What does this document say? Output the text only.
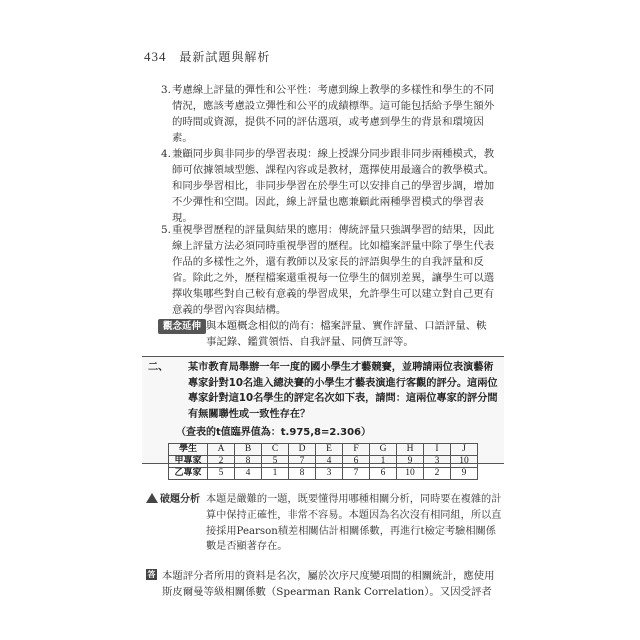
434 最新試題與解析
3. 考慮線上評量的彈性和公平性：考慮到線上教學的多樣性和學生的不同情況，應該考慮設立彈性和公平的成績標準。這可能包括給予學生額外的時間或資源，提供不同的評估選項，或考慮到學生的背景和環境因素。
4. 兼顧同步與非同步的學習表現：線上授課分同步跟非同步兩種模式，教師可依據領域型態、課程內容或是教材，選擇使用最適合的教學模式。和同步學習相比，非同步學習在於學生可以安排自己的學習步調，增加不少彈性和空間。因此，線上評量也應兼顧此兩種學習模式的學習表現。
5. 重視學習歷程的評量與結果的應用：傳統評量只強調學習的結果，因此線上評量方法必須同時重視學習的歷程。比如檔案評量中除了學生代表作品的多樣性之外，還有教師以及家長的評語與學生的自我評量和反省。除此之外，歷程檔案還重視每一位學生的個別差異，讓學生可以選擇收集哪些對自己較有意義的學習成果，允許學生可以建立對自己更有意義的學習內容與結構。
觀念延伸 與本題概念相似的尚有：檔案評量、實作評量、口語評量、軼事記錄、鑑賞領悟、自我評量、同儕互評等。
二、 某市教育局舉辦一年一度的國小學生才藝競賽，並聘請兩位表演藝術專家針對10名進入總決賽的小學生才藝表演進行客觀的評分。這兩位專家針對這10名學生的評定名次如下表，請問：這兩位專家的評分間有無關聯性或一致性存在？
（查表的t值臨界值為：t.975,8=2.306）
學生	A	B	C	D	E	F	G	H	I	J
甲專家	2	8	5	7	4	6	1	9	3	10
乙專家	5	4	1	8	3	7	6	10	2	9
破題分析 本題是嚴難的一題，既要懂得用哪種相關分析，同時要在複雜的計算中保持正確性，非常不容易。本題因為名次沒有相同組，所以直接採用Pearson積差相關估計相關係數，再進行t檢定考驗相關係數是否顯著存在。
答 本題評分者所用的資料是名次，屬於次序尺度變項間的相關統計，應使用斯皮爾曼等級相關係數（Spearman Rank Correlation）。又因受評者
